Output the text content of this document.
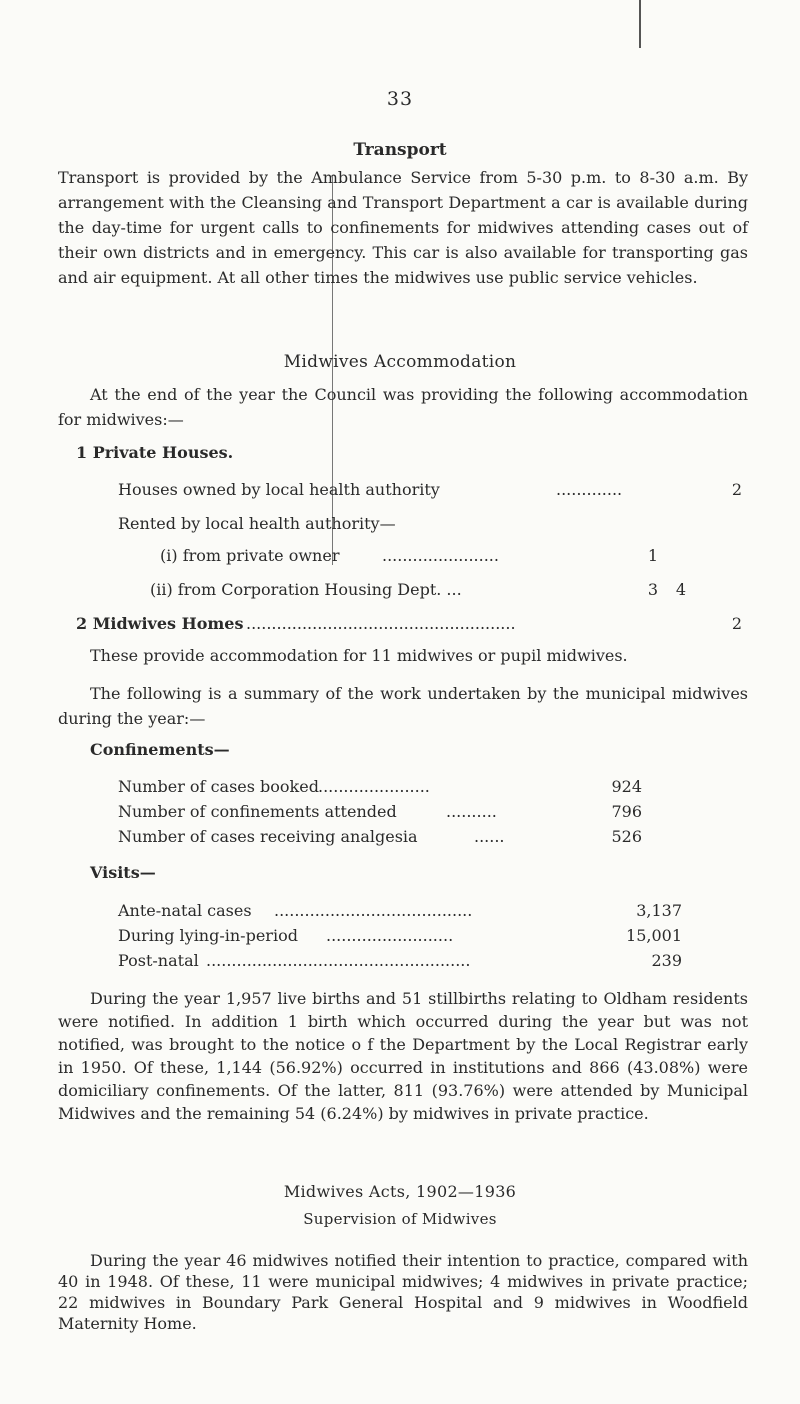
33
Transport
Transport is provided by the Ambulance Service from 5-30 p.m. to 8-30 a.m. By arrangement with the Cleansing and Transport Department a car is available during the day-time for urgent calls to confinements for midwives attending cases out of their own districts and in emergency. This car is also available for transporting gas and air equipment. At all other times the midwives use public service vehicles.
Midwives Accommodation
At the end of the year the Council was providing the following accommodation for midwives:—
1 Private Houses.
Houses owned by local health authority	.............	2
Rented by local health authority—
(i) from private owner	.......................	1
(ii) from Corporation Housing Dept. ...	3	4
2 Midwives Homes .....................................................	2
These provide accommodation for 11 midwives or pupil midwives.
The following is a summary of the work undertaken by the municipal midwives during the year:—
Confinements—
Number of cases booked ......................	924
Number of confinements attended	..........	796
Number of cases receiving analgesia	......	526
Visits—
Ante-natal cases .......................................	3,137
During lying-in-period .........................	15,001
Post-natal ....................................................	239
During the year 1,957 live births and 51 stillbirths relating to Oldham residents were notified. In addition 1 birth which occurred during the year but was not notified, was brought to the notice o f the Department by the Local Registrar early in 1950. Of these, 1,144 (56.92%) occurred in institutions and 866 (43.08%) were domiciliary confinements. Of the latter, 811 (93.76%) were attended by Municipal Midwives and the remaining 54 (6.24%) by midwives in private practice.
Midwives Acts, 1902—1936
Supervision of Midwives
During the year 46 midwives notified their intention to practice, compared with 40 in 1948. Of these, 11 were municipal midwives; 4 midwives in private practice; 22 midwives in Boundary Park General Hospital and 9 midwives in Woodfield Maternity Home.
